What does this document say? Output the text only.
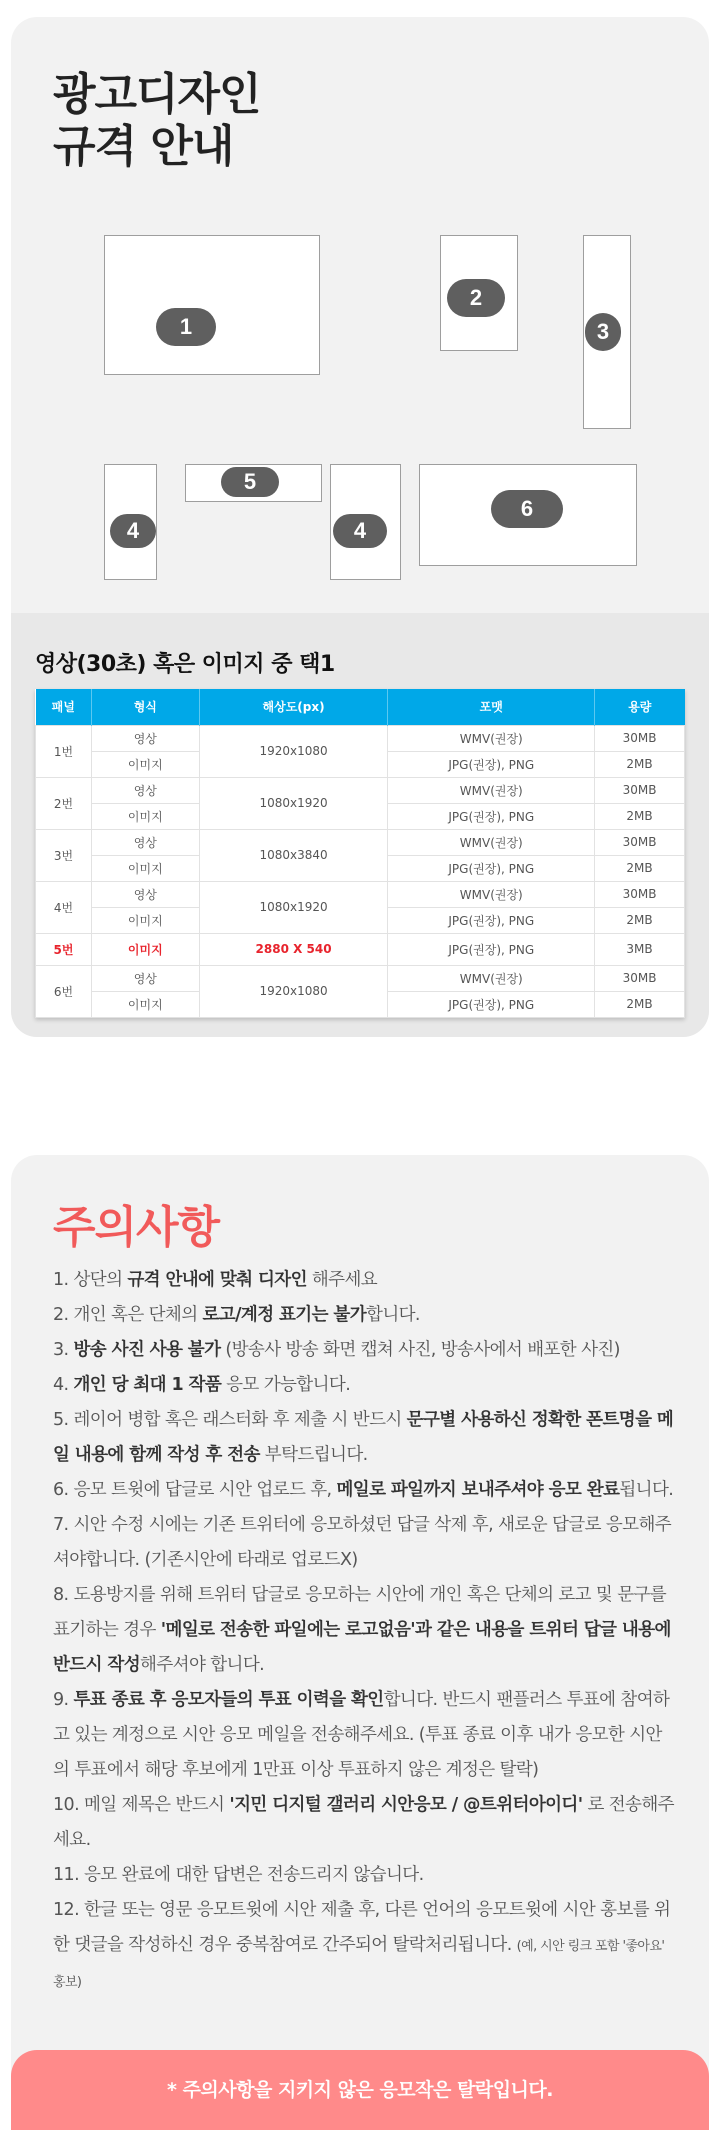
광고디자인
규격 안내
1
2
3
4
5
4
6
영상(30초) 혹은 이미지 중 택1
패널	형식	해상도(px)	포맷	용량
1번	영상	1920x1080	WMV(권장)	30MB
	이미지		JPG(권장), PNG	2MB
2번	영상	1080x1920	WMV(권장)	30MB
	이미지		JPG(권장), PNG	2MB
3번	영상	1080x3840	WMV(권장)	30MB
	이미지		JPG(권장), PNG	2MB
4번	영상	1080x1920	WMV(권장)	30MB
	이미지		JPG(권장), PNG	2MB
5번	이미지	2880 X 540	JPG(권장), PNG	3MB
6번	영상	1920x1080	WMV(권장)	30MB
	이미지		JPG(권장), PNG	2MB
주의사항
1. 상단의 규격 안내에 맞춰 디자인 해주세요
2. 개인 혹은 단체의 로고/계정 표기는 불가합니다.
3. 방송 사진 사용 불가 (방송사 방송 화면 캡쳐 사진, 방송사에서 배포한 사진)
4. 개인 당 최대 1 작품 응모 가능합니다.
5. 레이어 병합 혹은 래스터화 후 제출 시 반드시 문구별 사용하신 정확한 폰트명을 메일 내용에 함께 작성 후 전송 부탁드립니다.
6. 응모 트윗에 답글로 시안 업로드 후, 메일로 파일까지 보내주셔야 응모 완료됩니다.
7. 시안 수정 시에는 기존 트위터에 응모하셨던 답글 삭제 후, 새로운 답글로 응모해주셔야합니다. (기존시안에 타래로 업로드X)
8. 도용방지를 위해 트위터 답글로 응모하는 시안에 개인 혹은 단체의 로고 및 문구를 표기하는 경우 '메일로 전송한 파일에는 로고없음'과 같은 내용을 트위터 답글 내용에 반드시 작성해주셔야 합니다.
9. 투표 종료 후 응모자들의 투표 이력을 확인합니다. 반드시 팬플러스 투표에 참여하고 있는 계정으로 시안 응모 메일을 전송해주세요. (투표 종료 이후 내가 응모한 시안의 투표에서 해당 후보에게 1만표 이상 투표하지 않은 계정은 탈락)
10. 메일 제목은 반드시 '지민 디지털 갤러리 시안응모 / @트위터아이디' 로 전송해주세요.
11. 응모 완료에 대한 답변은 전송드리지 않습니다.
12. 한글 또는 영문 응모트윗에 시안 제출 후, 다른 언어의 응모트윗에 시안 홍보를 위한 댓글을 작성하신 경우 중복참여로 간주되어 탈락처리됩니다. (예, 시안 링크 포함 '좋아요' 홍보)
* 주의사항을 지키지 않은 응모작은 탈락입니다.
